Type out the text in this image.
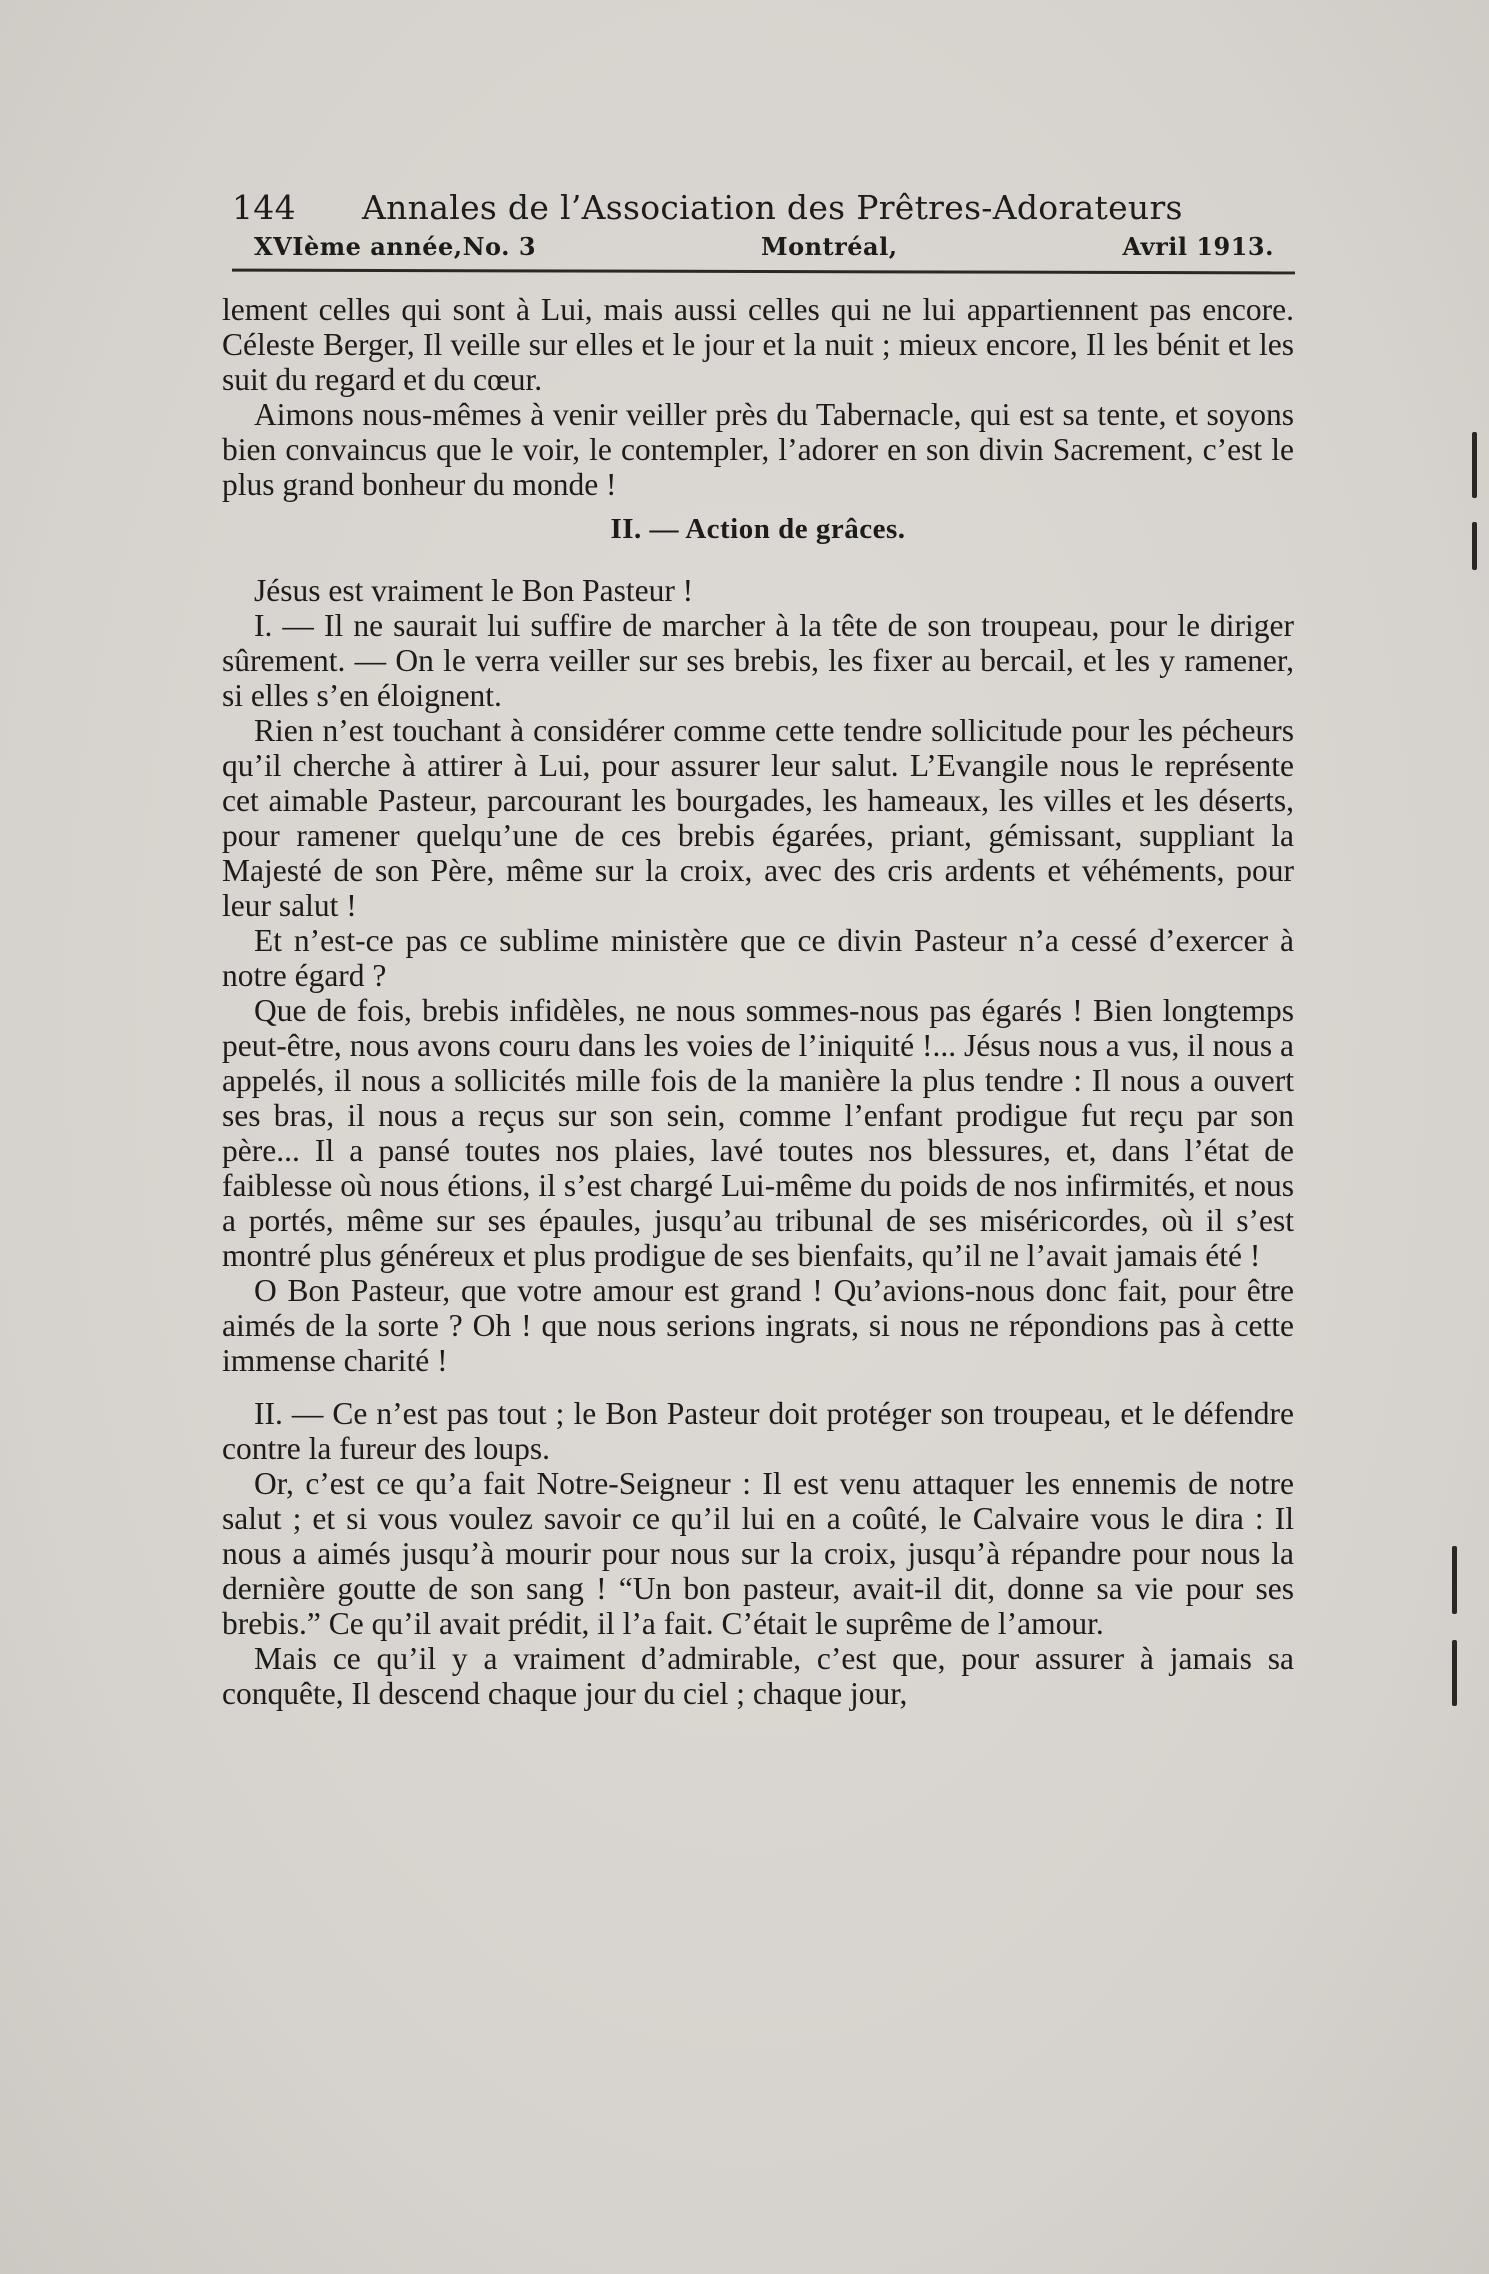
144 Annales de l’Association des Prêtres-Adorateurs
XVIème année,No. 3	Montréal,	Avril 1913.

lement celles qui sont à Lui, mais aussi celles qui ne lui appartiennent pas encore. Céleste Berger, Il veille sur elles et le jour et la nuit ; mieux encore, Il les bénit et les suit du regard et du cœur.

Aimons nous-mêmes à venir veiller près du Tabernacle, qui est sa tente, et soyons bien convaincus que le voir, le contempler, l’adorer en son divin Sacrement, c’est le plus grand bonheur du monde !

II. — Action de grâces.

Jésus est vraiment le Bon Pasteur !

I. — Il ne saurait lui suffire de marcher à la tête de son troupeau, pour le diriger sûrement. — On le verra veiller sur ses brebis, les fixer au bercail, et les y ramener, si elles s’en éloignent.

Rien n’est touchant à considérer comme cette tendre sollicitude pour les pécheurs qu’il cherche à attirer à Lui, pour assurer leur salut. L’Evangile nous le représente cet aimable Pasteur, parcourant les bourgades, les hameaux, les villes et les déserts, pour ramener quelqu’une de ces brebis égarées, priant, gémissant, suppliant la Majesté de son Père, même sur la croix, avec des cris ardents et véhéments, pour leur salut !

Et n’est-ce pas ce sublime ministère que ce divin Pasteur n’a cessé d’exercer à notre égard ?

Que de fois, brebis infidèles, ne nous sommes-nous pas égarés ! Bien longtemps peut-être, nous avons couru dans les voies de l’iniquité !... Jésus nous a vus, il nous a appelés, il nous a sollicités mille fois de la manière la plus tendre : Il nous a ouvert ses bras, il nous a reçus sur son sein, comme l’enfant prodigue fut reçu par son père... Il a pansé toutes nos plaies, lavé toutes nos blessures, et, dans l’état de faiblesse où nous étions, il s’est chargé Lui-même du poids de nos infirmités, et nous a portés, même sur ses épaules, jusqu’au tribunal de ses miséricordes, où il s’est montré plus généreux et plus prodigue de ses bienfaits, qu’il ne l’avait jamais été !

O Bon Pasteur, que votre amour est grand ! Qu’avions-nous donc fait, pour être aimés de la sorte ? Oh ! que nous serions ingrats, si nous ne répondions pas à cette immense charité !

II. — Ce n’est pas tout ; le Bon Pasteur doit protéger son troupeau, et le défendre contre la fureur des loups.

Or, c’est ce qu’a fait Notre-Seigneur : Il est venu attaquer les ennemis de notre salut ; et si vous voulez savoir ce qu’il lui en a coûté, le Calvaire vous le dira : Il nous a aimés jusqu’à mourir pour nous sur la croix, jusqu’à répandre pour nous la dernière goutte de son sang ! “Un bon pasteur, avait-il dit, donne sa vie pour ses brebis.” Ce qu’il avait prédit, il l’a fait. C’était le suprême de l’amour.

Mais ce qu’il y a vraiment d’admirable, c’est que, pour assurer à jamais sa conquête, Il descend chaque jour du ciel ; chaque jour,
